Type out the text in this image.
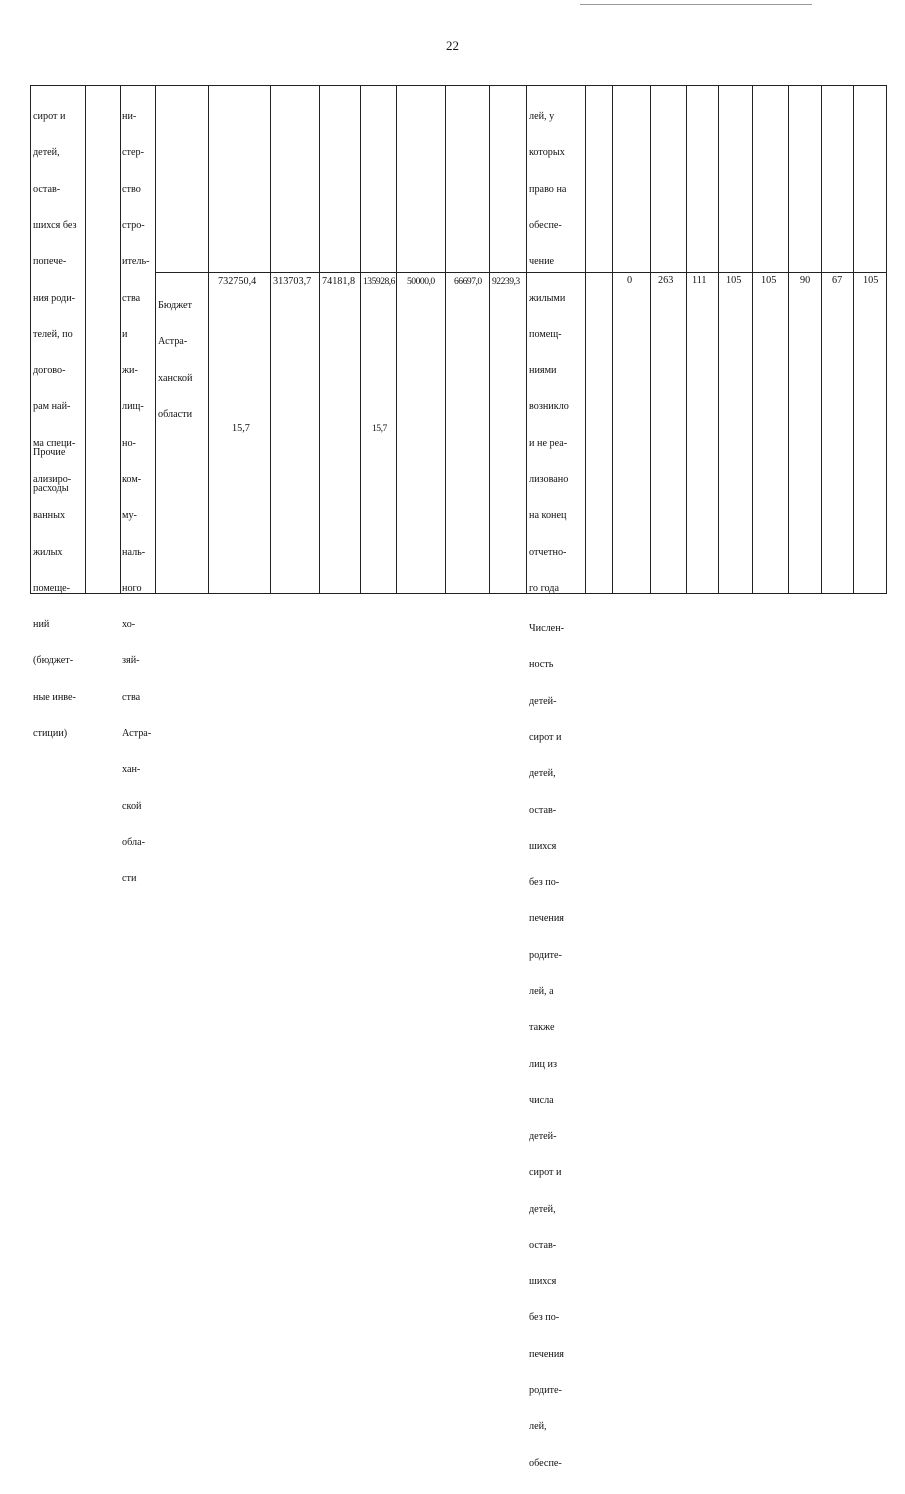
22

сирот и

детей,

остав-

шихся без

попече-

ния роди-

телей, по

догово-

рам най-

ма специ-

ализиро-

ванных

жилых

помеще-

ний

(бюджет-

ные инве-

стиции)

Прочие

расходы

ни-

стер-

ство

стро-

итель-

ства

и

жи-

лищ-

но-

ком-

му-

наль-

ного

хо-

зяй-

ства

Астра-

хан-

ской

обла-

сти

Бюджет

Астра-

ханской

области

732750,4 313703,7 74181,8 135928,6 50000,0 66697,0 92239,3
15,7	15,7

лей, у

которых

право на

обеспе-

чение

жилыми

помещ-

ниями

возникло

и не реа-

лизовано

на конец

отчетно-

го года

Числен-

ность

детей-

сирот и

детей,

остав-

шихся

без по-

печения

родите-

лей, а

также

лиц из

числа

детей-

сирот и

детей,

остав-

шихся

без по-

печения

родите-

лей,

обеспе-

0	263 111 105 105 90 67 105
